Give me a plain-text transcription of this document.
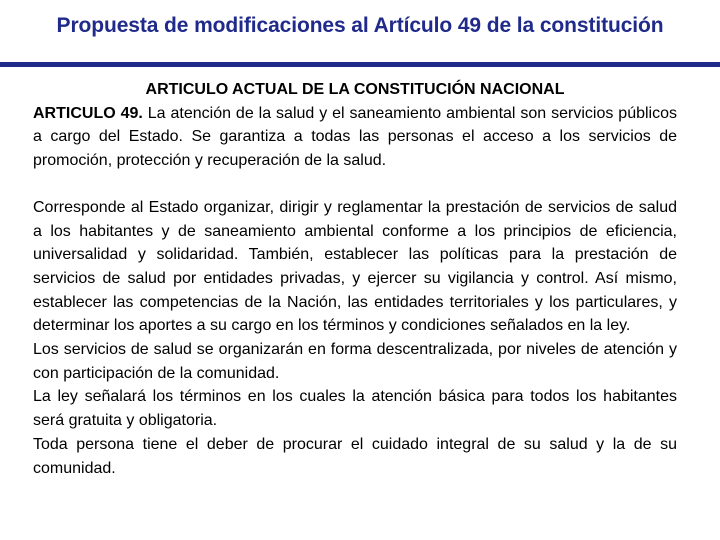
Propuesta de modificaciones al Artículo 49 de la constitución

ARTICULO ACTUAL DE LA CONSTITUCIÓN NACIONAL

ARTICULO 49. La atención de la salud y el saneamiento ambiental son servicios públicos a cargo del Estado. Se garantiza a todas las personas el acceso a los servicios de promoción, protección y recuperación de la salud.

Corresponde al Estado organizar, dirigir y reglamentar la prestación de servicios de salud a los habitantes y de saneamiento ambiental conforme a los principios de eficiencia, universalidad y solidaridad. También, establecer las políticas para la prestación de servicios de salud por entidades privadas, y ejercer su vigilancia y control. Así mismo, establecer las competencias de la Nación, las entidades territoriales y los particulares, y determinar los aportes a su cargo en los términos y condiciones señalados en la ley.

Los servicios de salud se organizarán en forma descentralizada, por niveles de atención y con participación de la comunidad.

La ley señalará los términos en los cuales la atención básica para todos los habitantes será gratuita y obligatoria.

Toda persona tiene el deber de procurar el cuidado integral de su salud y la de su comunidad.
